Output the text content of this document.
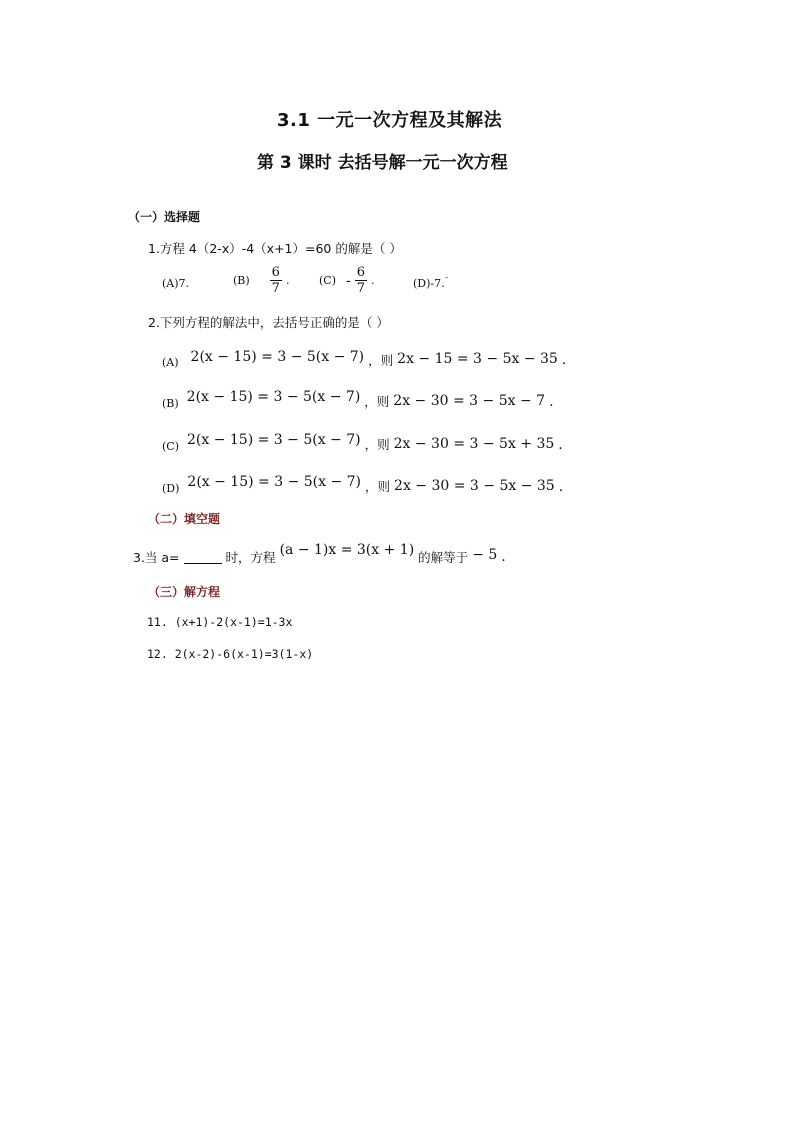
3.1 一元一次方程及其解法
第 3 课时 去括号解一元一次方程
（一）选择题
1.方程 4（2-x）-4（x+1）=60 的解是（ ）
(A)7.	$(B) \frac{6}{7}$ .	$(C) - \frac{6}{7}$ .	(D)-7.$^ˉ$
2.下列方程的解法中，去括号正确的是（ ）
(A) 2(x − 15) = 3 − 5(x − 7) ，则 2x − 15 = 3 − 5x − 35 .
(B) 2(x − 15) = 3 − 5(x − 7) ，则 2x − 30 = 3 − 5x − 7 .
(C) 2(x − 15) = 3 − 5(x − 7) ，则 2x − 30 = 3 − 5x + 35 .
(D) 2(x − 15) = 3 − 5(x − 7) ，则 2x − 30 = 3 − 5x − 35 .
（二）填空题
3.当 a=	时，方程 (a − 1)x = 3(x + 1) 的解等于 − 5 .
（三）解方程
11. (x+1)-2(x-1)=1-3x
12. 2(x-2)-6(x-1)=3(1-x)
